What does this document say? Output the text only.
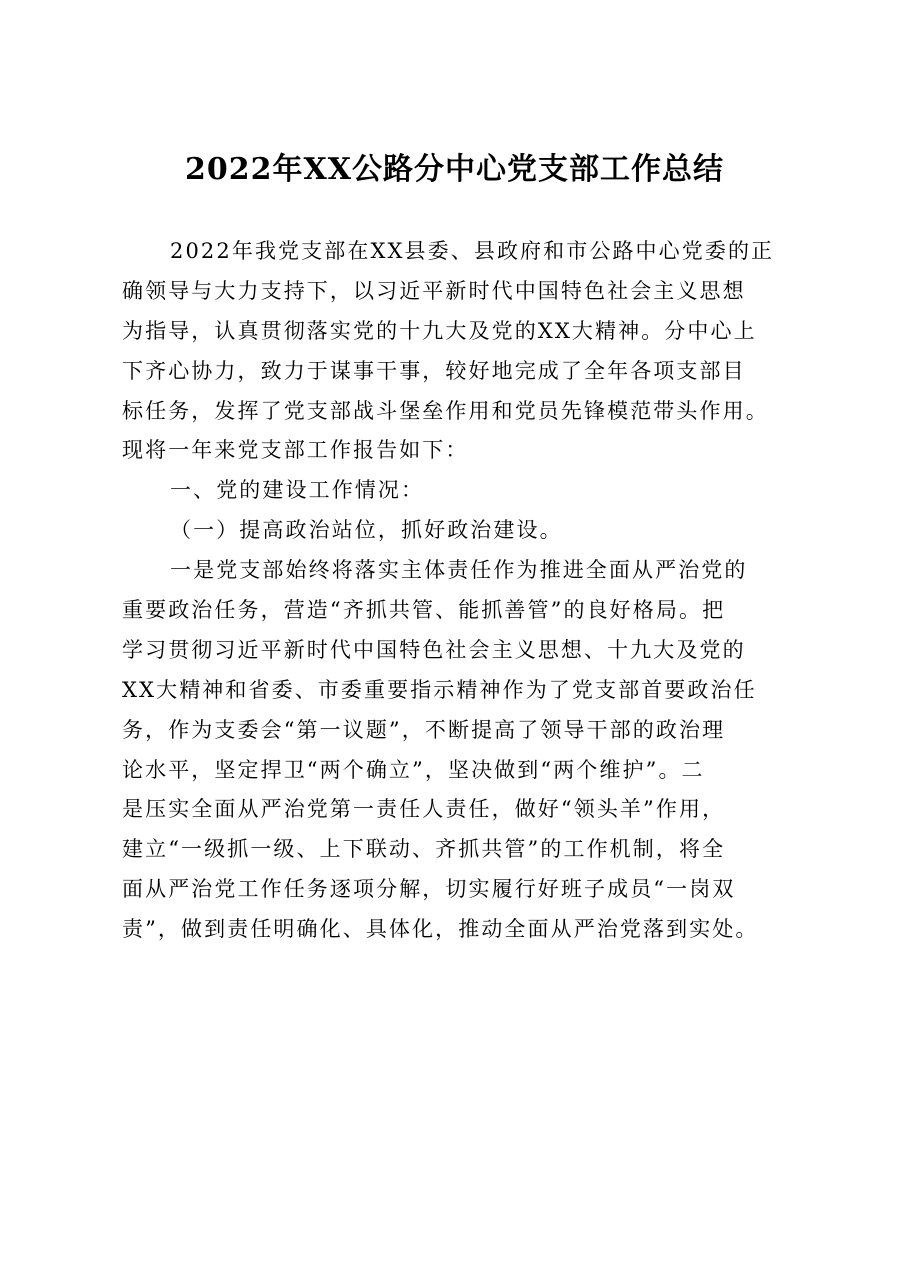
2022年XX公路分中心党支部工作总结

2022年我党支部在XX县委、县政府和市公路中心党委的正

确领导与大力支持下，以习近平新时代中国特色社会主义思想

为指导，认真贯彻落实党的十九大及党的XX大精神。分中心上

下齐心协力，致力于谋事干事，较好地完成了全年各项支部目

标任务，发挥了党支部战斗堡垒作用和党员先锋模范带头作用。

现将一年来党支部工作报告如下：

一、党的建设工作情况：

（一）提高政治站位，抓好政治建设。

一是党支部始终将落实主体责任作为推进全面从严治党的

重要政治任务，营造“齐抓共管、能抓善管”的良好格局。把

学习贯彻习近平新时代中国特色社会主义思想、十九大及党的

XX大精神和省委、市委重要指示精神作为了党支部首要政治任

务，作为支委会“第一议题”，不断提高了领导干部的政治理

论水平，坚定捍卫“两个确立”，坚决做到“两个维护”。二

是压实全面从严治党第一责任人责任，做好“领头羊”作用，

建立“一级抓一级、上下联动、齐抓共管”的工作机制，将全

面从严治党工作任务逐项分解，切实履行好班子成员“一岗双

责”，做到责任明确化、具体化，推动全面从严治党落到实处。
